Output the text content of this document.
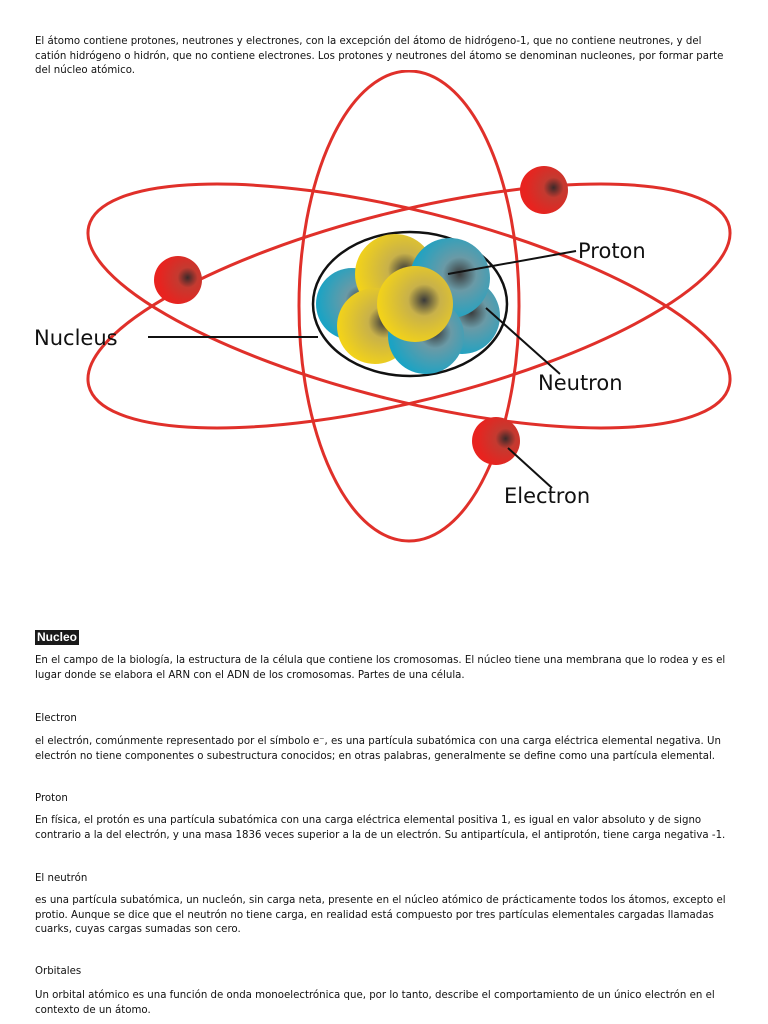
El átomo contiene protones, neutrones y electrones, con la excepción del átomo de hidrógeno-1, que no contiene neutrones, y del catión hidrógeno o hidrón, que no contiene electrones. Los protones y neutrones del átomo se denominan nucleones, por formar parte del núcleo atómico.

Proton
Nucleus
Neutron
Electron
Nucleo

En el campo de la biología, la estructura de la célula que contiene los cromosomas. El núcleo tiene una membrana que lo rodea y es el lugar donde se elabora el ARN con el ADN de los cromosomas. Partes de una célula.

Electron

el electrón, comúnmente representado por el símbolo e⁻, es una partícula subatómica con una carga eléctrica elemental negativa. Un electrón no tiene componentes o subestructura conocidos; en otras palabras, generalmente se define como una partícula elemental.

Proton

En física, el protón es una partícula subatómica con una carga eléctrica elemental positiva 1, es igual en valor absoluto y de signo contrario a la del electrón, y una masa 1836 veces superior a la de un electrón. Su antipartícula, el antiprotón, tiene carga negativa -1.

El neutrón

es una partícula subatómica, un nucleón, sin carga neta, presente en el núcleo atómico de prácticamente todos los átomos, excepto el protio. Aunque se dice que el neutrón no tiene carga, en realidad está compuesto por tres partículas elementales cargadas llamadas cuarks, cuyas cargas sumadas son cero.

Orbitales

Un orbital atómico es una función de onda monoelectrónica que, por lo tanto, describe el comportamiento de un único electrón en el contexto de un átomo.
